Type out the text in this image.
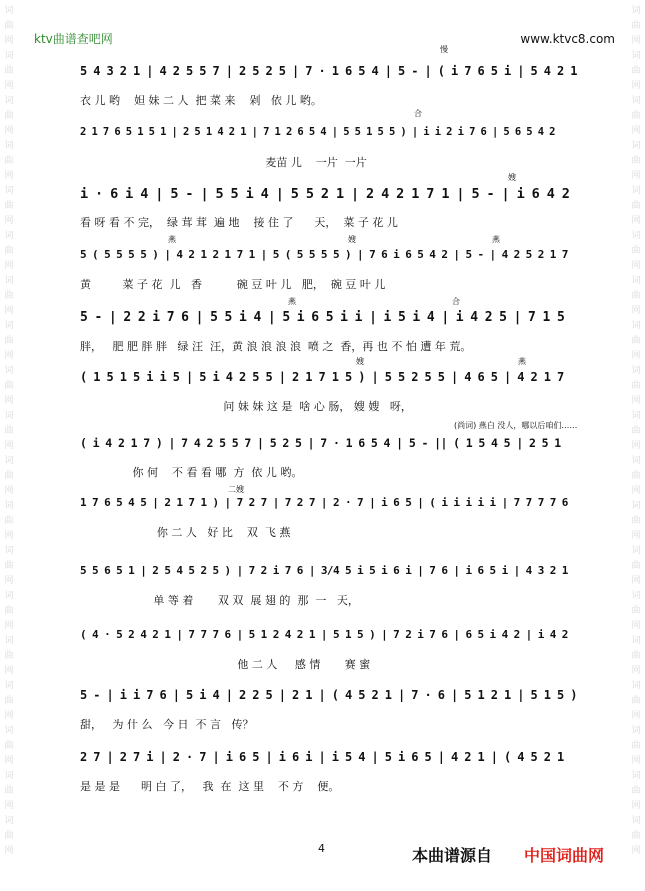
词
曲
网
词
曲
网
词
曲
网
词
曲
网
词
曲
网
词
曲
网
词
曲
网
词
曲
网
词
曲
网
词
曲
网
词
曲
网
词
曲
网
词
曲
网
词
曲
网
词
曲
网
词
曲
网
词
曲
网
词
曲
网
词
曲
网
词
曲
网
词
曲
网
词
曲
网
词
曲
网
词
曲
网
词
曲
网
词
曲
网
词
曲
网
词
曲
网
词
曲
网
词
曲
网
词
曲
网
词
曲
网
词
曲
网
词
曲
网
词
曲
网
词
曲
网
词
曲
网
词
曲
网
ktv曲谱查吧网	www.ktvc8.com
慢
5 4 3 2 1 | 4 2 5 5 7 | 2 5 2 5 | 7 · 1 6 5 4 | 5 - | ( i 7 6 5 i | 5 4 2 1
衣 儿 哟    妲 妹 二 人  把 菜 来    剁   依 儿 哟。
合
2 1 7 6 5 1 5 1 | 2 5 1 4 2 1 | 7 1 2 6 5 4 | 5 5 1 5 5 ) | i i 2 i 7 6 | 5 6 5 4 2
麦苗 儿    一片  一片
嫂
i · 6 i 4 | 5 - | 5 5 i 4 | 5 5 2 1 | 2 4 2 1 7 1 | 5 - | i 6 4 2
看 呀 看 不 完，  绿 茸 茸  遍 地    接 住 了      天，  菜 子 花 儿
燕	嫂	燕
5 ( 5 5 5 5 ) | 4 2 1 2 1 7 1 | 5 ( 5 5 5 5 ) | 7 6 i 6 5 4 2 | 5 - | 4 2 5 2 1 7
黄         菜 子 花  儿   香          碗 豆 叶 儿   肥，  碗 豆 叶 儿
燕	合
5 - | 2 2 i 7 6 | 5 5 i 4 | 5 i 6 5 i i | i 5 i 4 | i 4 2 5 | 7 1 5
胖，   肥 肥 胖 胖   绿 汪  汪，黄 浪 浪 浪 浪  喷 之  香，再 也 不 怕 遭 年 荒。
嫂	燕
( 1 5 1 5 i i 5 | 5 i 4 2 5 5 | 2 1 7 1 5 ) | 5 5 2 5 5 | 4 6 5 | 4 2 1 7
问 妹 妹 这 是  啥 心 肠， 嫂 嫂   呀，
(尚词) 燕白 没人，哪以后咱们……
( i 4 2 1 7 ) | 7 4 2 5 5 7 | 5 2 5 | 7 · 1 6 5 4 | 5 - || ( 1 5 4 5 | 2 5 1
你 何    不 看 看 哪  方  依 儿 哟。
二嫂
1 7 6 5 4 5 | 2 1 7 1 ) | 7 2 7 | 7 2 7 | 2 · 7 | i 6 5 | ( i i i i i | 7 7 7 7 6
你 二 人   好 比    双  飞 燕
5 5 6 5 1 | 2 5 4 5 2 5 ) | 7 2 i 7 6 | 3/4 5 i 5 i 6 i | 7 6 | i 6 5 i | 4 3 2 1
单 等 着       双 双  展 翅 的  那  一   天，
( 4 · 5 2 4 2 1 | 7 7 7 6 | 5 1 2 4 2 1 | 5 1 5 ) | 7 2 i 7 6 | 6 5 i 4 2 | i 4 2
他 二 人     感 情       赛 蜜
5 - | i i 7 6 | 5 i 4 | 2 2 5 | 2 1 | ( 4 5 2 1 | 7 · 6 | 5 1 2 1 | 5 1 5 )
甜，   为 什 么   今 日  不 言   传？
2 7 | 2 7 i | 2 · 7 | i 6 5 | i 6 i | i 5 4 | 5 i 6 5 | 4 2 1 | ( 4 5 2 1
是 是 是      明 白 了，   我  在  这 里    不 方    便。
4	本曲谱源自 中国词曲网
